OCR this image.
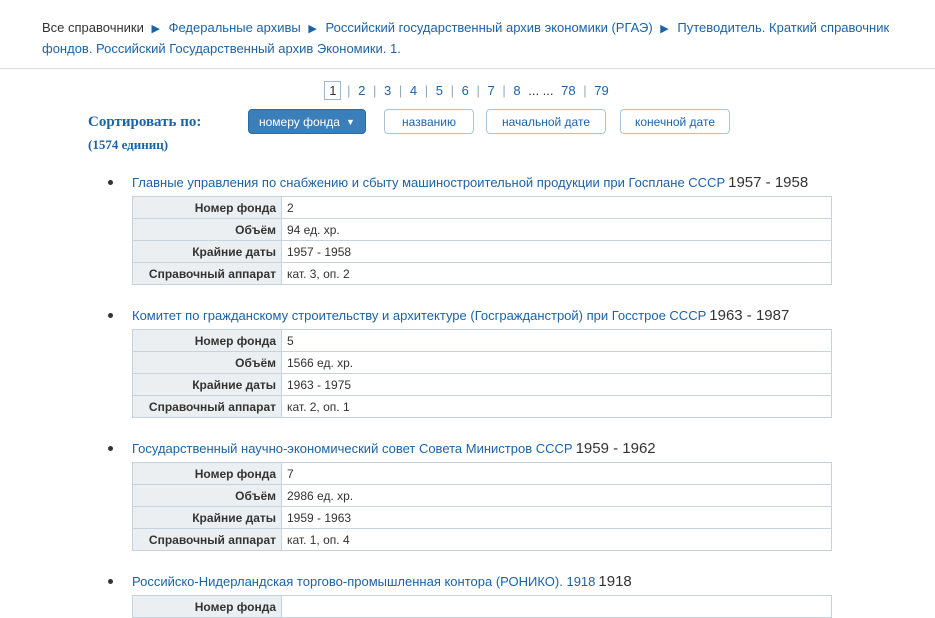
Все справочники ▶ Федеральные архивы ▶ Российский государственный архив экономики (РГАЭ) ▶ Путеводитель. Краткий справочник фондов. Российский Государственный архив Экономики. 1.
1 | 2 | 3 | 4 | 5 | 6 | 7 | 8 ... ... 78 | 79
Сортировать по:
(1574 единиц)
номеру фонда ▼	названию	начальной дате	конечной дате
Главные управления по снабжению и сбыту машиностроительной продукции при Госплане СССР 1957 - 1958
Номер фонда	2
Объём	94 ед. хр.
Крайние даты	1957 - 1958
Справочный аппарат	кат. 3, оп. 2
Комитет по гражданскому строительству и архитектуре (Госгражданстрой) при Госстрое СССР 1963 - 1987
Номер фонда	5
Объём	1566 ед. хр.
Крайние даты	1963 - 1975
Справочный аппарат	кат. 2, оп. 1
Государственный научно-экономический совет Совета Министров СССР 1959 - 1962
Номер фонда	7
Объём	2986 ед. хр.
Крайние даты	1959 - 1963
Справочный аппарат	кат. 1, оп. 4
Российско-Нидерландская торгово-промышленная контора (РОНИКО). 1918 1918
Номер фонда	
